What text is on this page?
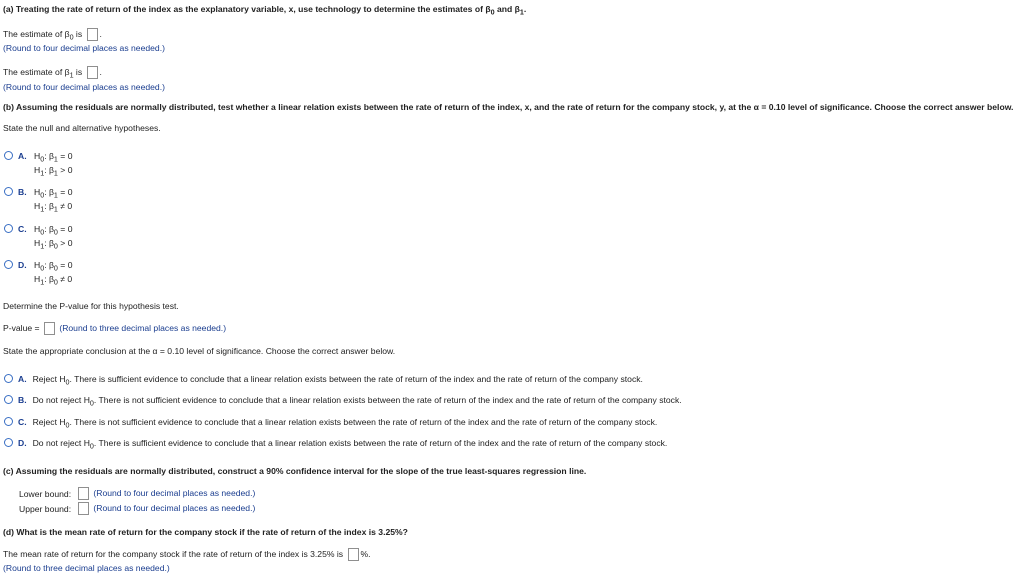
(a) Treating the rate of return of the index as the explanatory variable, x, use technology to determine the estimates of $\beta_0$ and $\beta_1$.
The estimate of $\beta_0$ is .
(Round to four decimal places as needed.)
The estimate of $\beta_1$ is .
(Round to four decimal places as needed.)
(b) Assuming the residuals are normally distributed, test whether a linear relation exists between the rate of return of the index, x, and the rate of return for the company stock, y, at the α = 0.10 level of significance. Choose the correct answer below.
State the null and alternative hypotheses.
A. $H_0$: $\beta_1 = 0$
$H_1$: $\beta_1 > 0$
B. $H_0$: $\beta_1 = 0$
$H_1$: $\beta_1 \ne 0$
C. $H_0$: $\beta_0 = 0$
$H_1$: $\beta_0 > 0$
D. $H_0$: $\beta_0 = 0$
$H_1$: $\beta_0 \ne 0$
Determine the P-value for this hypothesis test.
P-value = (Round to three decimal places as needed.)
State the appropriate conclusion at the α = 0.10 level of significance. Choose the correct answer below.
A. Reject $H_0$. There is sufficient evidence to conclude that a linear relation exists between the rate of return of the index and the rate of return of the company stock.
B. Do not reject $H_0$. There is not sufficient evidence to conclude that a linear relation exists between the rate of return of the index and the rate of return of the company stock.
C. Reject $H_0$. There is not sufficient evidence to conclude that a linear relation exists between the rate of return of the index and the rate of return of the company stock.
D. Do not reject $H_0$. There is sufficient evidence to conclude that a linear relation exists between the rate of return of the index and the rate of return of the company stock.
(c) Assuming the residuals are normally distributed, construct a 90% confidence interval for the slope of the true least-squares regression line.
Lower bound:	(Round to four decimal places as needed.)
Upper bound:	(Round to four decimal places as needed.)
(d) What is the mean rate of return for the company stock if the rate of return of the index is 3.25%?
The mean rate of return for the company stock if the rate of return of the index is 3.25% is %.
(Round to three decimal places as needed.)
